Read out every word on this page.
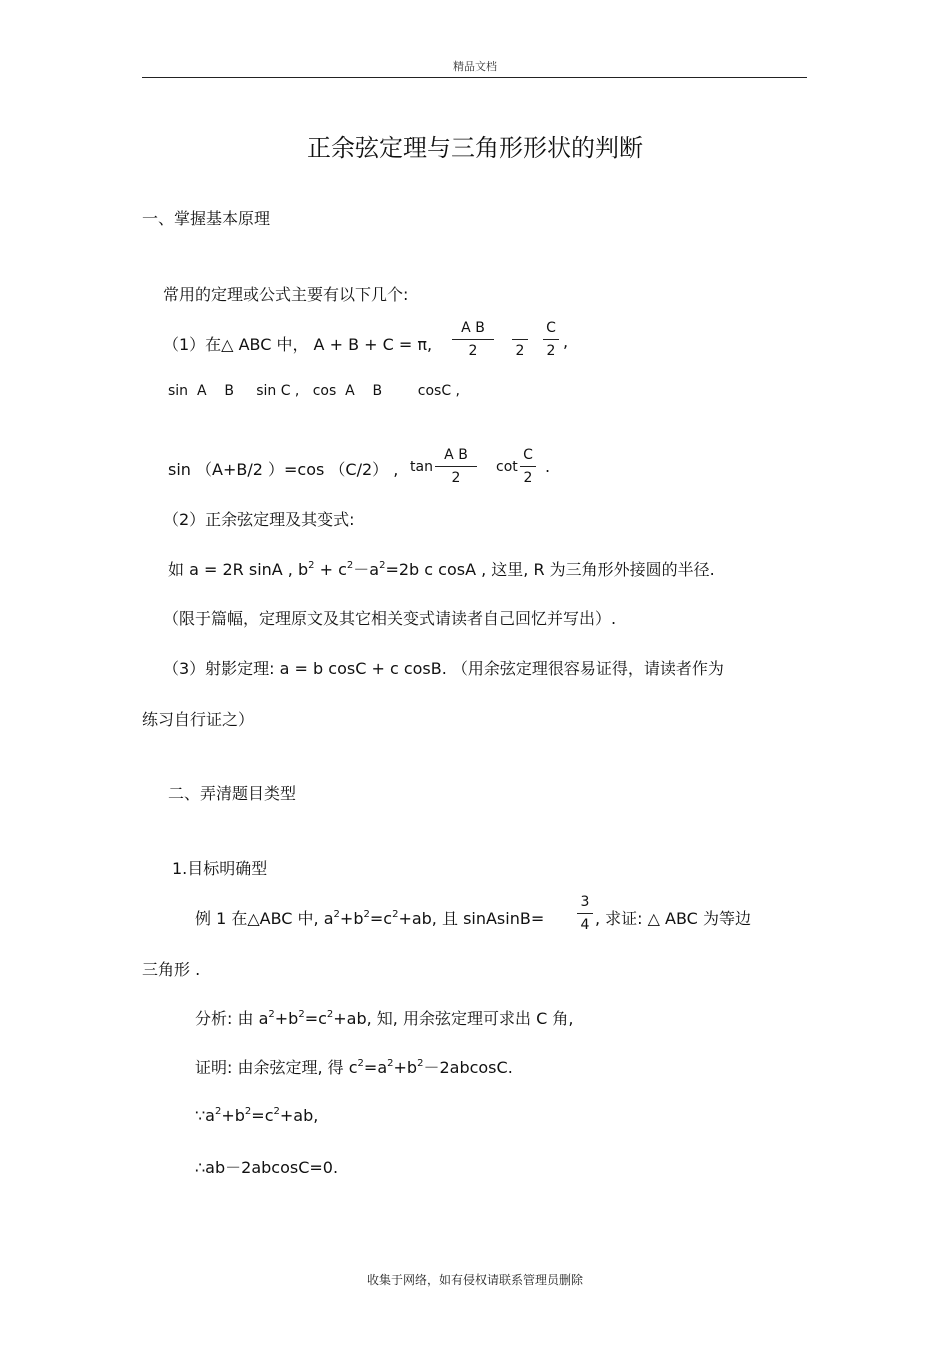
精品文档
正余弦定理与三角形形状的判断
一、掌握基本原理
常用的定理或公式主要有以下几个:
（1）在△ ABC 中， A + B + C = π,
A B
2
	2
C
2 ,
sin  A    B     sin C ,   cos  A    B        cosC ,
sin （A+B/2 ）=cos （C/2） , tan
A B
2
cot
C
2
.
（2）正余弦定理及其变式:
如 a = 2R sinA , $b^2 + c^2-a^2=2b$ c cosA , 这里, R 为三角形外接圆的半径.
（限于篇幅，定理原文及其它相关变式请读者自己回忆并写出）.
（3）射影定理: a = b cosC + c cosB. （用余弦定理很容易证得，请读者作为
练习自行证之）
二、弄清题目类型
1.目标明确型
例 1 在△ABC 中, $a^2+b^2=c^2+ab$, 且 sinAsinB=
3
4 , 求证: △ ABC 为等边
三角形 .
分析: 由 $a^2+b^2=c^2+ab$, 知, 用余弦定理可求出 C 角,
证明: 由余弦定理, 得 $c^2=a^2+b^2-2abcosC$.
$\because a^2+b^2=c^2+ab$,
∴ab－2abcosC=0.
收集于网络，如有侵权请联系管理员删除
